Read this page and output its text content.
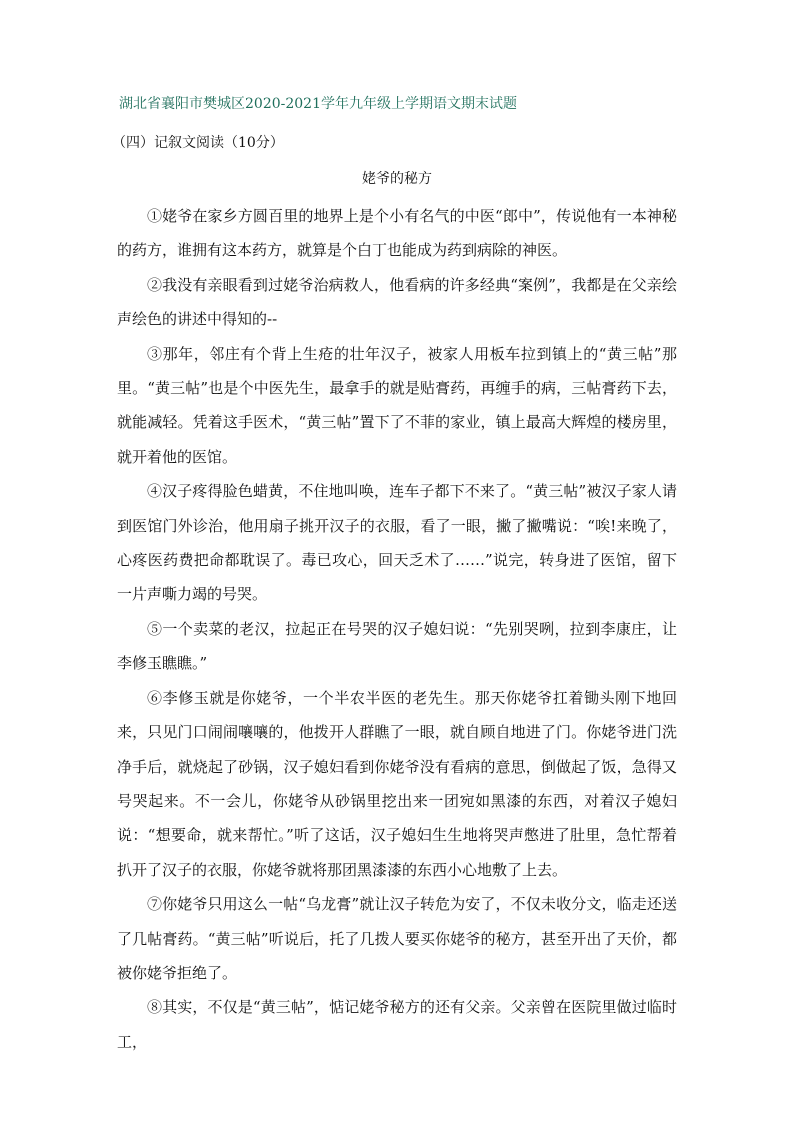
湖北省襄阳市樊城区2020-2021学年九年级上学期语文期末试题
（四）记叙文阅读（10分）
姥爷的秘方

①姥爷在家乡方圆百里的地界上是个小有名气的中医“郎中”，传说他有一本神秘的药方，谁拥有这本药方，就算是个白丁也能成为药到病除的神医。

②我没有亲眼看到过姥爷治病救人，他看病的许多经典“案例”，我都是在父亲绘声绘色的讲述中得知的--

③那年，邻庄有个背上生疮的壮年汉子，被家人用板车拉到镇上的“黄三帖”那里。“黄三帖”也是个中医先生，最拿手的就是贴膏药，再缠手的病，三帖膏药下去，就能减轻。凭着这手医术，“黄三帖”置下了不菲的家业，镇上最高大辉煌的楼房里，就开着他的医馆。

④汉子疼得脸色蜡黄，不住地叫唤，连车子都下不来了。“黄三帖”被汉子家人请到医馆门外诊治，他用扇子挑开汉子的衣服，看了一眼，撇了撇嘴说：“唉!来晚了，心疼医药费把命都耽误了。毒已攻心，回天乏术了……”说完，转身进了医馆，留下一片声嘶力竭的号哭。

⑤一个卖菜的老汉，拉起正在号哭的汉子媳妇说：“先别哭咧，拉到李康庄，让李修玉瞧瞧。”

⑥李修玉就是你姥爷，一个半农半医的老先生。那天你姥爷扛着锄头刚下地回来，只见门口闹闹嚷嚷的，他拨开人群瞧了一眼，就自顾自地进了门。你姥爷进门洗净手后，就烧起了砂锅，汉子媳妇看到你姥爷没有看病的意思，倒做起了饭，急得又号哭起来。不一会儿，你姥爷从砂锅里挖出来一团宛如黑漆的东西，对着汉子媳妇说：“想要命，就来帮忙。”听了这话，汉子媳妇生生地将哭声憋进了肚里，急忙帮着扒开了汉子的衣服，你姥爷就将那团黑漆漆的东西小心地敷了上去。

⑦你姥爷只用这么一帖“乌龙膏”就让汉子转危为安了，不仅未收分文，临走还送了几帖膏药。“黄三帖”听说后，托了几拨人要买你姥爷的秘方，甚至开出了天价，都被你姥爷拒绝了。

⑧其实，不仅是“黄三帖”，惦记姥爷秘方的还有父亲。父亲曾在医院里做过临时工，
